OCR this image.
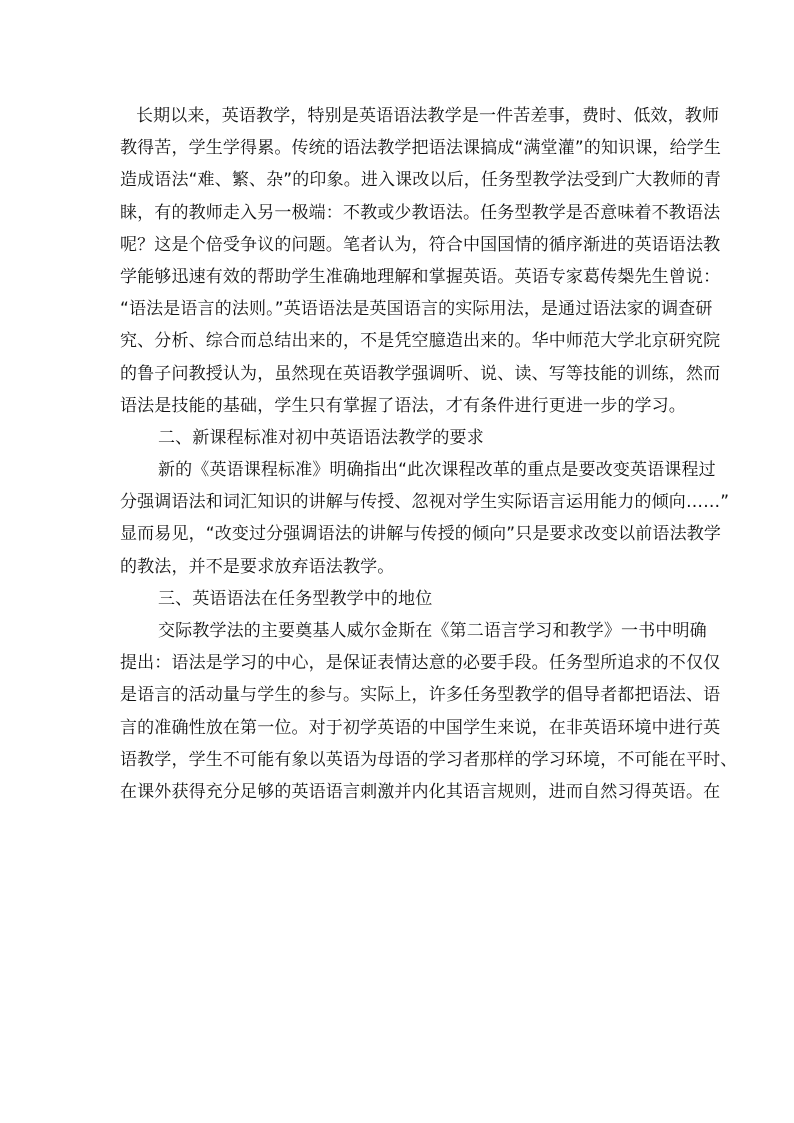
长期以来，英语教学，特别是英语语法教学是一件苦差事，费时、低效，教师
教得苦，学生学得累。传统的语法教学把语法课搞成“满堂灌”的知识课，给学生
造成语法“难、繁、杂”的印象。进入课改以后，任务型教学法受到广大教师的青
睐，有的教师走入另一极端：不教或少教语法。任务型教学是否意味着不教语法
呢？这是个倍受争议的问题。笔者认为，符合中国国情的循序渐进的英语语法教
学能够迅速有效的帮助学生准确地理解和掌握英语。英语专家葛传椝先生曾说：
“语法是语言的法则。”英语语法是英国语言的实际用法，是通过语法家的调查研
究、分析、综合而总结出来的，不是凭空臆造出来的。华中师范大学北京研究院
的鲁子问教授认为，虽然现在英语教学强调听、说、读、写等技能的训练，然而
语法是技能的基础，学生只有掌握了语法，才有条件进行更进一步的学习。
二、新课程标准对初中英语语法教学的要求
新的《英语课程标准》明确指出“此次课程改革的重点是要改变英语课程过
分强调语法和词汇知识的讲解与传授、忽视对学生实际语言运用能力的倾向……”
显而易见，“改变过分强调语法的讲解与传授的倾向”只是要求改变以前语法教学
的教法，并不是要求放弃语法教学。
三、英语语法在任务型教学中的地位
交际教学法的主要奠基人威尔金斯在《第二语言学习和教学》一书中明确
提出：语法是学习的中心，是保证表情达意的必要手段。任务型所追求的不仅仅
是语言的活动量与学生的参与。实际上，许多任务型教学的倡导者都把语法、语
言的准确性放在第一位。对于初学英语的中国学生来说，在非英语环境中进行英
语教学，学生不可能有象以英语为母语的学习者那样的学习环境，不可能在平时、
在课外获得充分足够的英语语言刺激并内化其语言规则，进而自然习得英语。在
